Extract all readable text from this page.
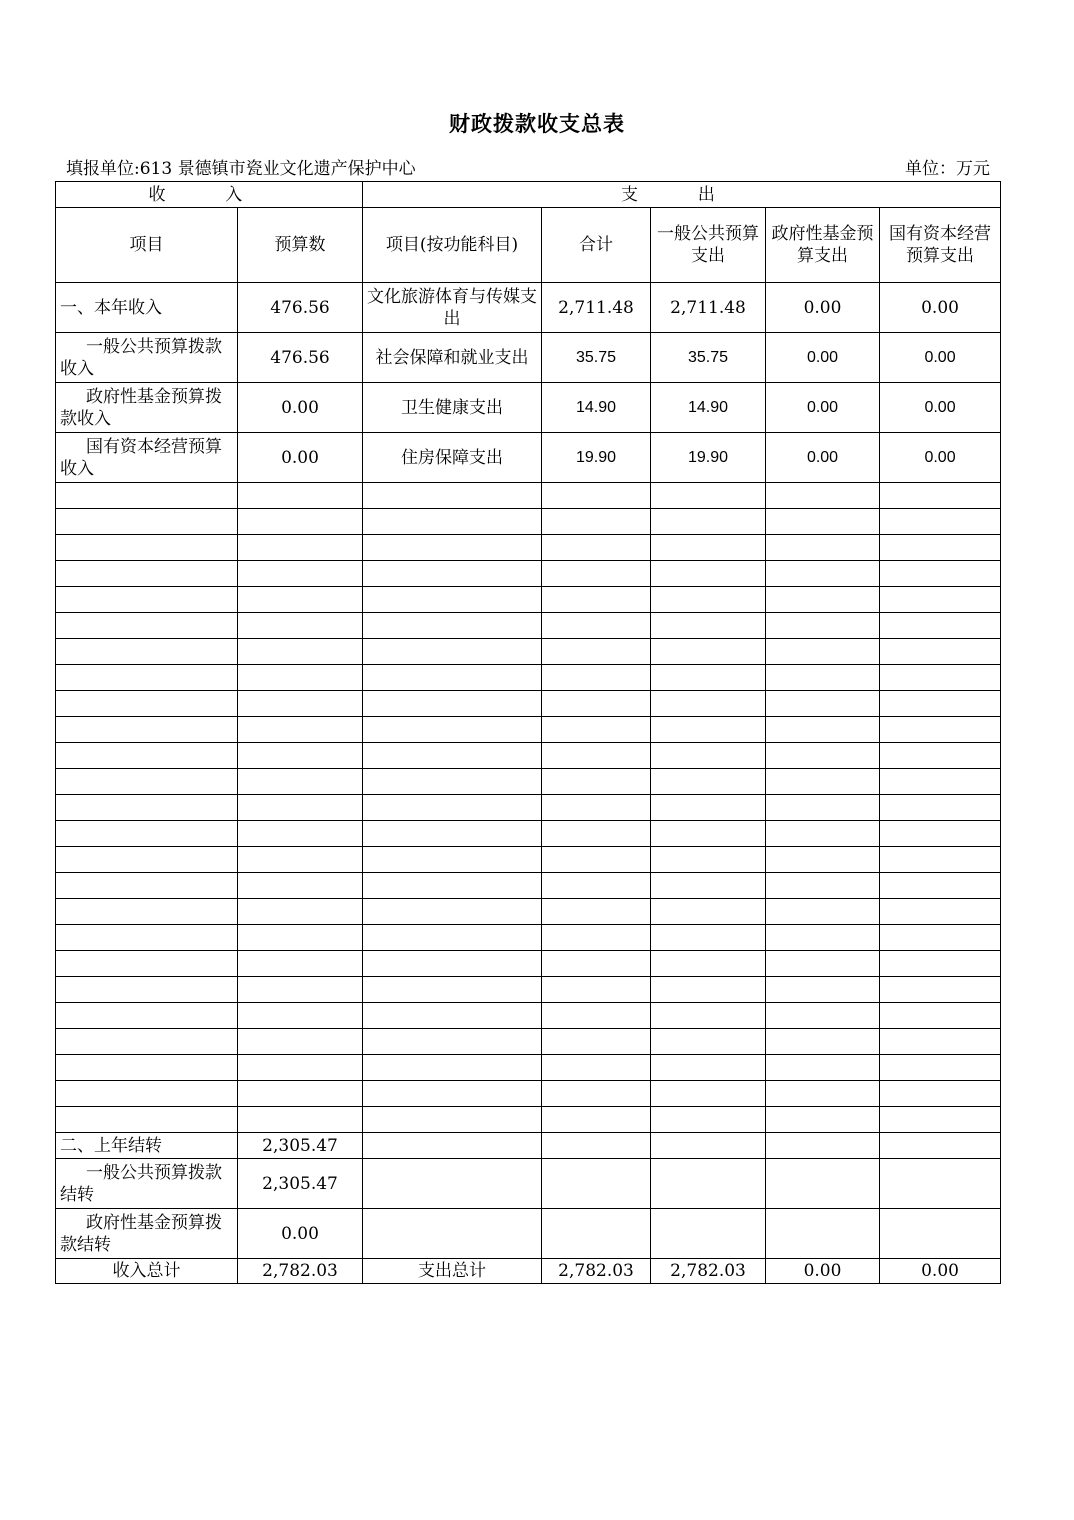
财政拨款收支总表
填报单位:613 景德镇市瓷业文化遗产保护中心	单位：万元
收 入		支 出				
项目	预算数	项目(按功能科目)	合计	一般公共预算支出	政府性基金预算支出	国有资本经营预算支出
一、本年收入	476.56	文化旅游体育与传媒支出	2,711.48	2,711.48	0.00	0.00
一般公共预算拨款收入	476.56	社会保障和就业支出	35.75	35.75	0.00	0.00
政府性基金预算拨款收入	0.00	卫生健康支出	14.90	14.90	0.00	0.00
国有资本经营预算收入	0.00	住房保障支出	19.90	19.90	0.00	0.00

二、上年结转	2,305.47					
一般公共预算拨款结转	2,305.47					
政府性基金预算拨款结转	0.00					
收入总计	2,782.03	支出总计	2,782.03	2,782.03	0.00	0.00
